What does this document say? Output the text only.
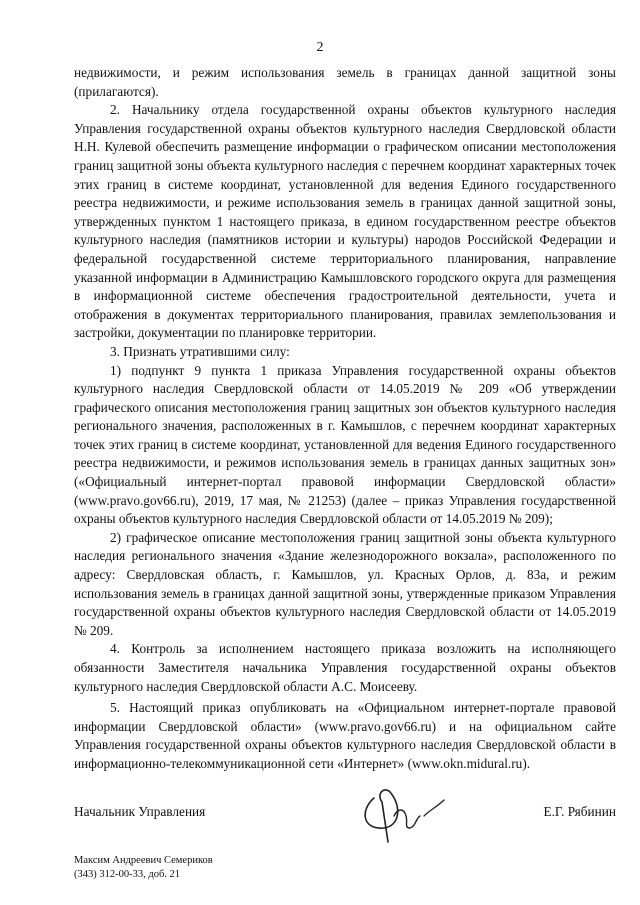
2

недвижимости, и режим использования земель в границах данной защитной зоны (прилагаются).

2. Начальнику отдела государственной охраны объектов культурного наследия Управления государственной охраны объектов культурного наследия Свердловской области Н.Н. Кулевой обеспечить размещение информации о графическом описании местоположения границ защитной зоны объекта культурного наследия с перечнем координат характерных точек этих границ в системе координат, установленной для ведения Единого государственного реестра недвижимости, и режиме использования земель в границах данной защитной зоны, утвержденных пунктом 1 настоящего приказа, в едином государственном реестре объектов культурного наследия (памятников истории и культуры) народов Российской Федерации и федеральной государственной системе территориального планирования, направление указанной информации в Администрацию Камышловского городского округа для размещения в информационной системе обеспечения градостроительной деятельности, учета и отображения в документах территориального планирования, правилах землепользования и застройки, документации по планировке территории.

3. Признать утратившими силу:

1) подпункт 9 пункта 1 приказа Управления государственной охраны объектов культурного наследия Свердловской области от 14.05.2019 № 209 «Об утверждении графического описания местоположения границ защитных зон объектов культурного наследия регионального значения, расположенных в г. Камышлов, с перечнем координат характерных точек этих границ в системе координат, установленной для ведения Единого государственного реестра недвижимости, и режимов использования земель в границах данных защитных зон» («Официальный интернет-портал правовой информации Свердловской области» (www.pravo.gov66.ru), 2019, 17 мая, № 21253) (далее – приказ Управления государственной охраны объектов культурного наследия Свердловской области от 14.05.2019 № 209);

2) графическое описание местоположения границ защитной зоны объекта культурного наследия регионального значения «Здание железнодорожного вокзала», расположенного по адресу: Свердловская область, г. Камышлов, ул. Красных Орлов, д. 83а, и режим использования земель в границах данной защитной зоны, утвержденные приказом Управления государственной охраны объектов культурного наследия Свердловской области от 14.05.2019 № 209.

4. Контроль за исполнением настоящего приказа возложить на исполняющего обязанности Заместителя начальника Управления государственной охраны объектов культурного наследия Свердловской области А.С. Моисееву.

5. Настоящий приказ опубликовать на «Официальном интернет-портале правовой информации Свердловской области» (www.pravo.gov66.ru) и на официальном сайте Управления государственной охраны объектов культурного наследия Свердловской области в информационно-телекоммуникационной сети «Интернет» (www.okn.midural.ru).

Начальник Управления	Е.Г. Рябинин
Максим Андреевич Семериков
(343) 312-00-33, доб. 21
